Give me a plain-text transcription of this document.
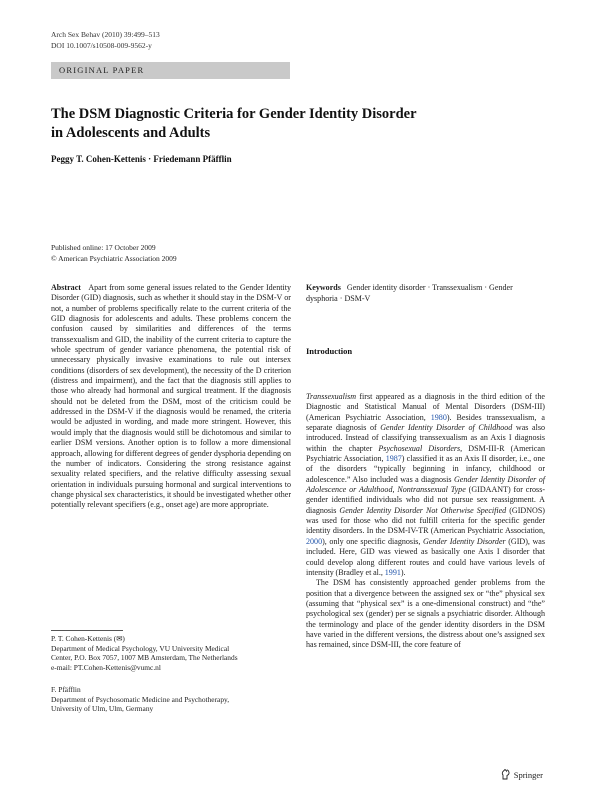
Arch Sex Behav (2010) 39:499–513
DOI 10.1007/s10508-009-9562-y
ORIGINAL PAPER
The DSM Diagnostic Criteria for Gender Identity Disorder
in Adolescents and Adults
Peggy T. Cohen-Kettenis · Friedemann Pfäfflin
Published online: 17 October 2009
© American Psychiatric Association 2009

Abstract Apart from some general issues related to the Gender Identity Disorder (GID) diagnosis, such as whether it should stay in the DSM-V or not, a number of problems specifically relate to the current criteria of the GID diagnosis for adolescents and adults. These problems concern the confusion caused by similarities and differences of the terms transsexualism and GID, the inability of the current criteria to capture the whole spectrum of gender variance phenomena, the potential risk of unnecessary physically invasive examinations to rule out intersex conditions (disorders of sex development), the necessity of the D criterion (distress and impairment), and the fact that the diagnosis still applies to those who already had hormonal and surgical treatment. If the diagnosis should not be deleted from the DSM, most of the criticism could be addressed in the DSM-V if the diagnosis would be renamed, the criteria would be adjusted in wording, and made more stringent. However, this would imply that the diagnosis would still be dichotomous and similar to earlier DSM versions. Another option is to follow a more dimensional approach, allowing for different degrees of gender dysphoria depending on the number of indicators. Considering the strong resistance against sexuality related specifiers, and the relative difficulty assessing sexual orientation in individuals pursuing hormonal and surgical interventions to change physical sex characteristics, it should be investigated whether other potentially relevant specifiers (e.g., onset age) are more appropriate.

P. T. Cohen-Kettenis (✉)
Department of Medical Psychology, VU University Medical
Center, P.O. Box 7057, 1007 MB Amsterdam, The Netherlands
e-mail: PT.Cohen-Kettenis@vumc.nl
F. Pfäfflin
Department of Psychosomatic Medicine and Psychotherapy,
University of Ulm, Ulm, Germany
Keywords Gender identity disorder · Transsexualism · Gender dysphoria · DSM-V
Introduction

Transsexualism first appeared as a diagnosis in the third edition of the Diagnostic and Statistical Manual of Mental Disorders (DSM-III) (American Psychiatric Association, 1980). Besides transsexualism, a separate diagnosis of Gender Identity Disorder of Childhood was also introduced. Instead of classifying transsexualism as an Axis I diagnosis within the chapter Psychosexual Disorders, DSM-III-R (American Psychiatric Association, 1987) classified it as an Axis II disorder, i.e., one of the disorders “typically beginning in infancy, childhood or adolescence.” Also included was a diagnosis Gender Identity Disorder of Adolescence or Adulthood, Nontranssexual Type (GIDAANT) for cross-gender identified individuals who did not pursue sex reassignment. A diagnosis Gender Identity Disorder Not Otherwise Specified (GIDNOS) was used for those who did not fulfill criteria for the specific gender identity disorders. In the DSM-IV-TR (American Psychiatric Association, 2000), only one specific diagnosis, Gender Identity Disorder (GID), was included. Here, GID was viewed as basically one Axis I disorder that could develop along different routes and could have various levels of intensity (Bradley et al., 1991).

The DSM has consistently approached gender problems from the position that a divergence between the assigned sex or “the” physical sex (assuming that “physical sex” is a one-dimensional construct) and “the” psychological sex (gender) per se signals a psychiatric disorder. Although the terminology and place of the gender identity disorders in the DSM have varied in the different versions, the distress about one’s assigned sex has remained, since DSM-III, the core feature of

Springer
